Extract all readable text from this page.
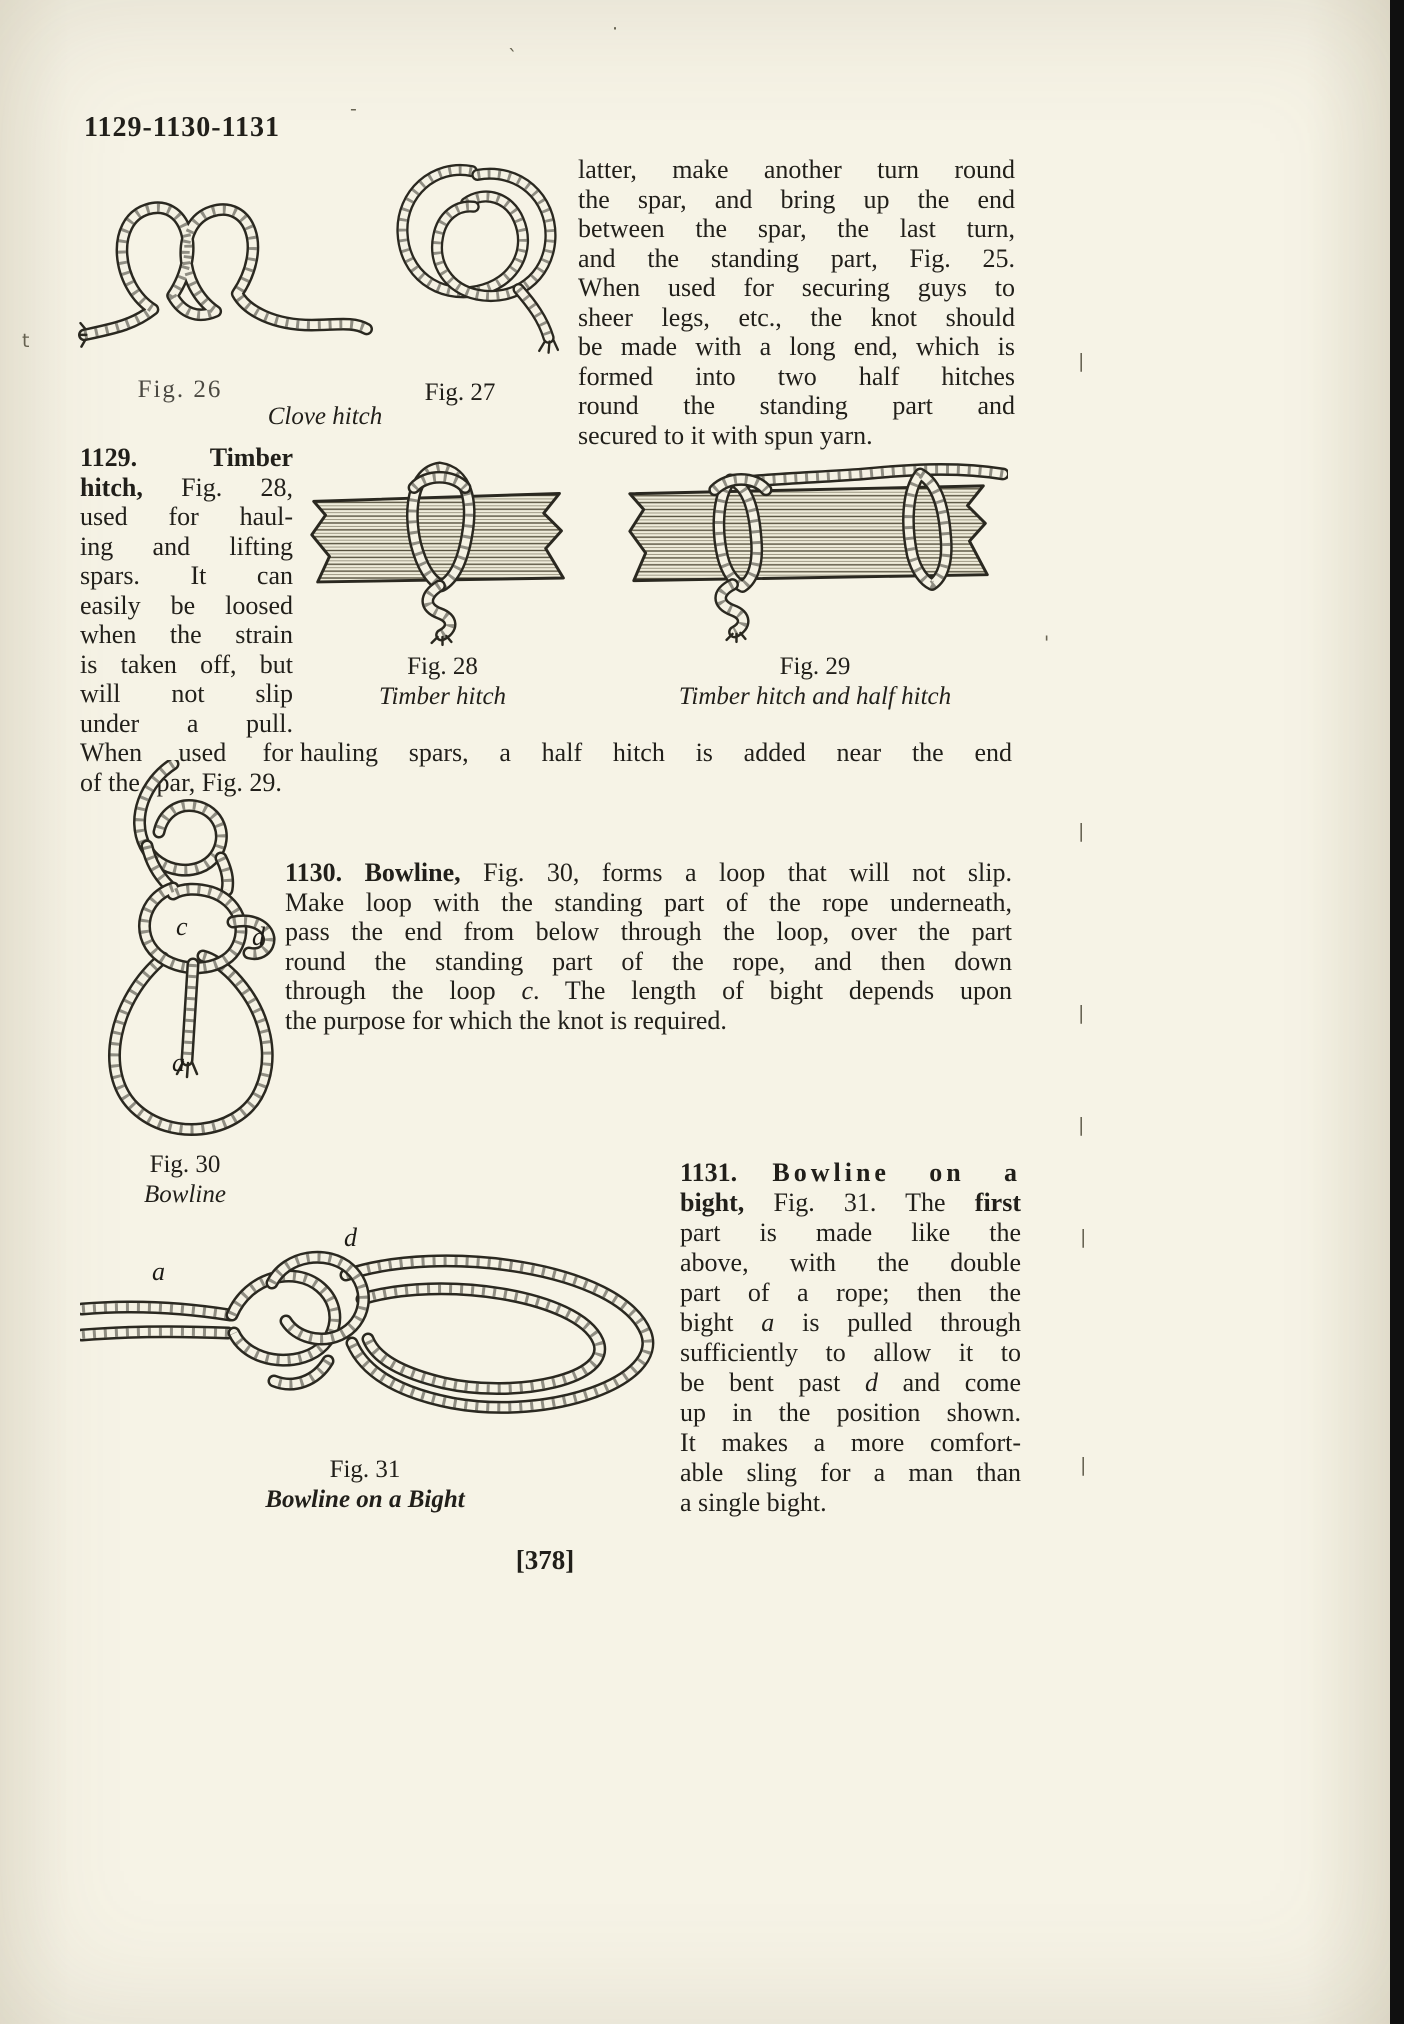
1129-1130-1131
Fig. 26	Fig. 27
Clove hitch
latter, make another turn round
the spar, and bring up the end
between the spar, the last turn,
and the standing part, Fig. 25.
When used for securing guys to
sheer legs, etc., the knot should
be made with a long end, which is
formed into two half hitches
round the standing part and
secured to it with spun yarn.
1129.	Timber
hitch, Fig. 28,
used for haul-
ing and lifting
spars. It can
easily be loosed
when the strain
is taken off, but
will not slip
under a pull.
When used for
Fig. 28
Timber hitch
Fig. 29
Timber hitch and half hitch
hauling spars, a half hitch is added near the end
of the spar, Fig. 29.
c d
a
Fig. 30
Bowline
1130. Bowline, Fig. 30, forms a loop that will not slip.
Make loop with the standing part of the rope underneath,
pass the end from below through the loop, over the part
round the standing part of the rope, and then down
through the loop c. The length of bight depends upon
the purpose for which the knot is required.
1131. Bowline on a
bight, Fig. 31. The first
part is made like the
above, with the double
part of a rope; then the
bight a is pulled through
sufficiently to allow it to
be bent past d and come
up in the position shown.
It makes a more comfort-
able sling for a man than
a single bight.
a
d
Fig. 31
Bowline on a Bight
[378]
-
·
`
t
'
|
|
|
|
|
|
